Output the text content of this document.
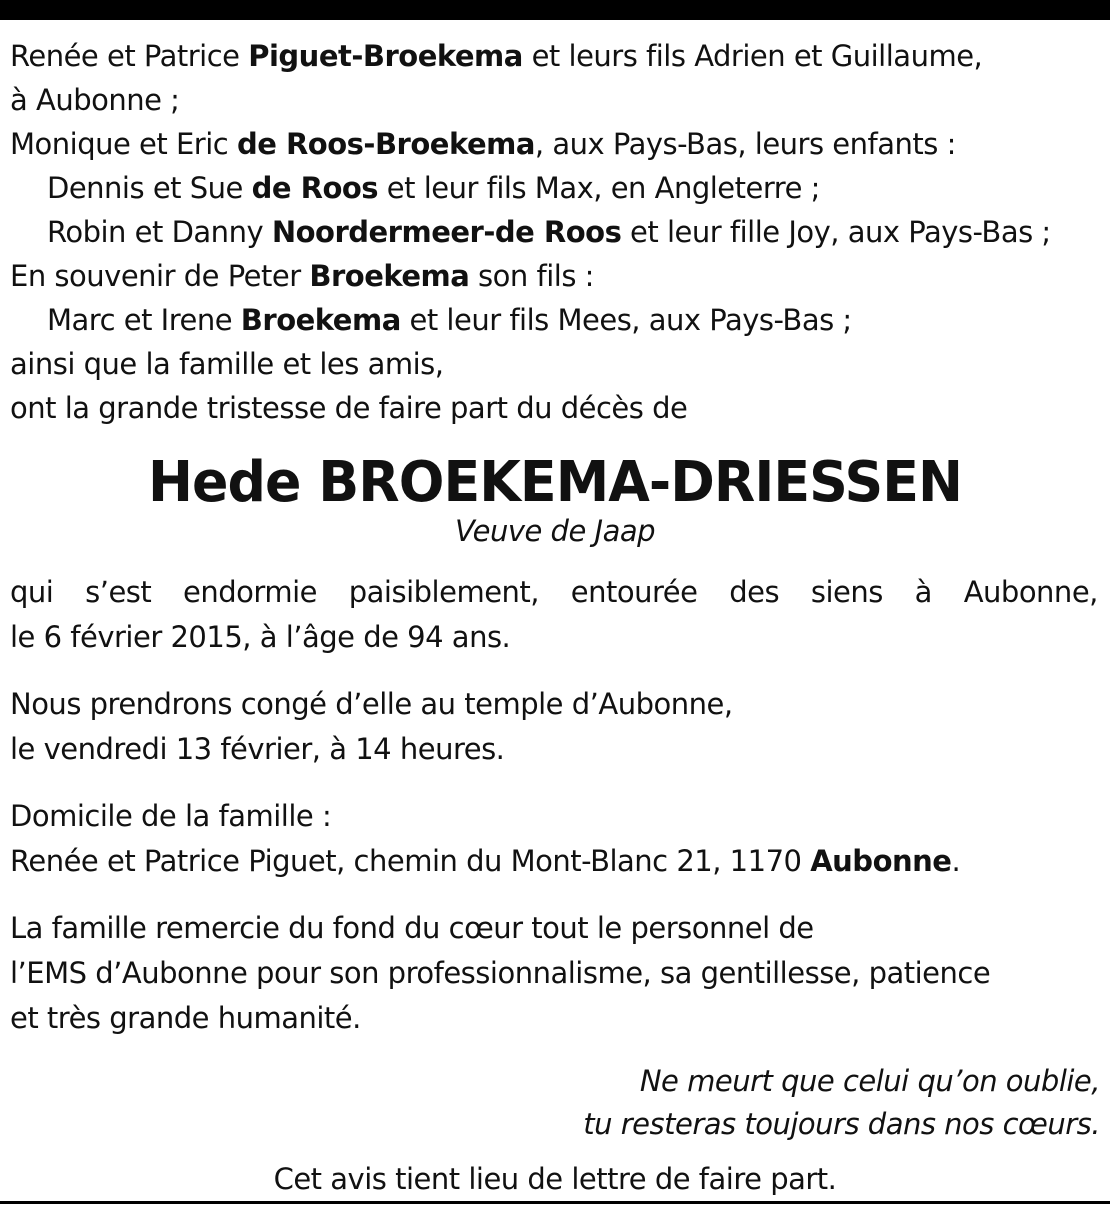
Renée et Patrice Piguet-Broekema et leurs fils Adrien et Guillaume,
à Aubonne ;
Monique et Eric de Roos-Broekema, aux Pays-Bas, leurs enfants :
Dennis et Sue de Roos et leur fils Max, en Angleterre ;
Robin et Danny Noordermeer-de Roos et leur fille Joy, aux Pays-Bas ;
En souvenir de Peter Broekema son fils :
Marc et Irene Broekema et leur fils Mees, aux Pays-Bas ;
ainsi que la famille et les amis,
ont la grande tristesse de faire part du décès de
Hede BROEKEMA-DRIESSEN
Veuve de Jaap
qui s’est endormie paisiblement, entourée des siens à Aubonne,
le 6 février 2015, à l’âge de 94 ans.
Nous prendrons congé d’elle au temple d’Aubonne,
le vendredi 13 février, à 14 heures.
Domicile de la famille :
Renée et Patrice Piguet, chemin du Mont-Blanc 21, 1170 Aubonne.
La famille remercie du fond du cœur tout le personnel de
l’EMS d’Aubonne pour son professionnalisme, sa gentillesse, patience
et très grande humanité.
Ne meurt que celui qu’on oublie,
tu resteras toujours dans nos cœurs.
Cet avis tient lieu de lettre de faire part.
